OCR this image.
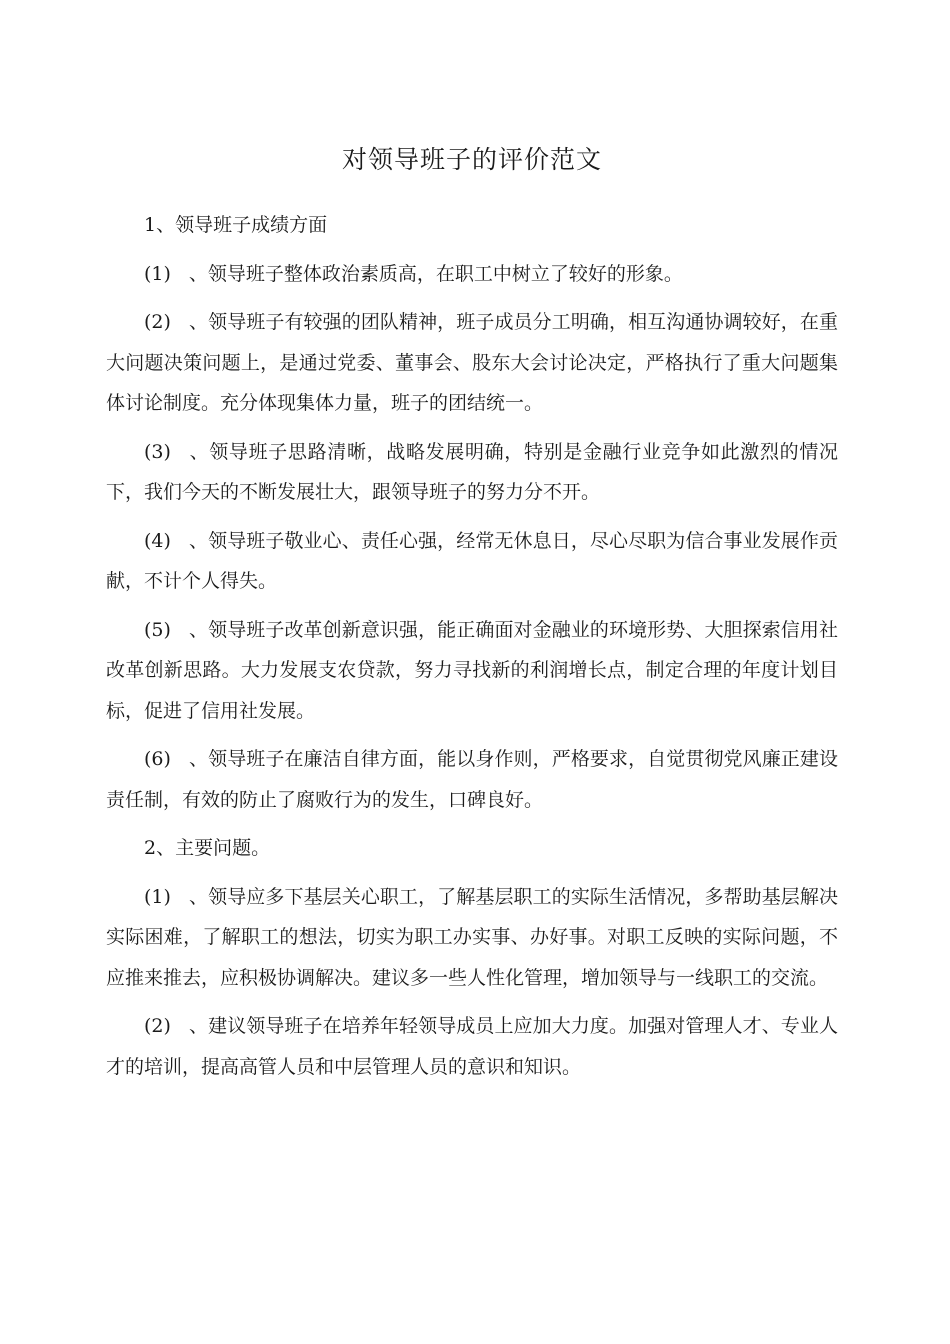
对领导班子的评价范文

1、领导班子成绩方面

(1) 、领导班子整体政治素质高，在职工中树立了较好的形象。

(2) 、领导班子有较强的团队精神，班子成员分工明确，相互沟通协调较好，在重大问题决策问题上，是通过党委、董事会、股东大会讨论决定，严格执行了重大问题集体讨论制度。充分体现集体力量，班子的团结统一。

(3) 、领导班子思路清晰，战略发展明确，特别是金融行业竞争如此激烈的情况下，我们今天的不断发展壮大，跟领导班子的努力分不开。

(4) 、领导班子敬业心、责任心强，经常无休息日，尽心尽职为信合事业发展作贡献，不计个人得失。

(5) 、领导班子改革创新意识强，能正确面对金融业的环境形势、大胆探索信用社改革创新思路。大力发展支农贷款，努力寻找新的利润增长点，制定合理的年度计划目标，促进了信用社发展。

(6) 、领导班子在廉洁自律方面，能以身作则，严格要求，自觉贯彻党风廉正建设责任制，有效的防止了腐败行为的发生，口碑良好。

2、主要问题。

(1) 、领导应多下基层关心职工，了解基层职工的实际生活情况，多帮助基层解决实际困难，了解职工的想法，切实为职工办实事、办好事。对职工反映的实际问题，不应推来推去，应积极协调解决。建议多一些人性化管理，增加领导与一线职工的交流。

(2) 、建议领导班子在培养年轻领导成员上应加大力度。加强对管理人才、专业人才的培训，提高高管人员和中层管理人员的意识和知识。
